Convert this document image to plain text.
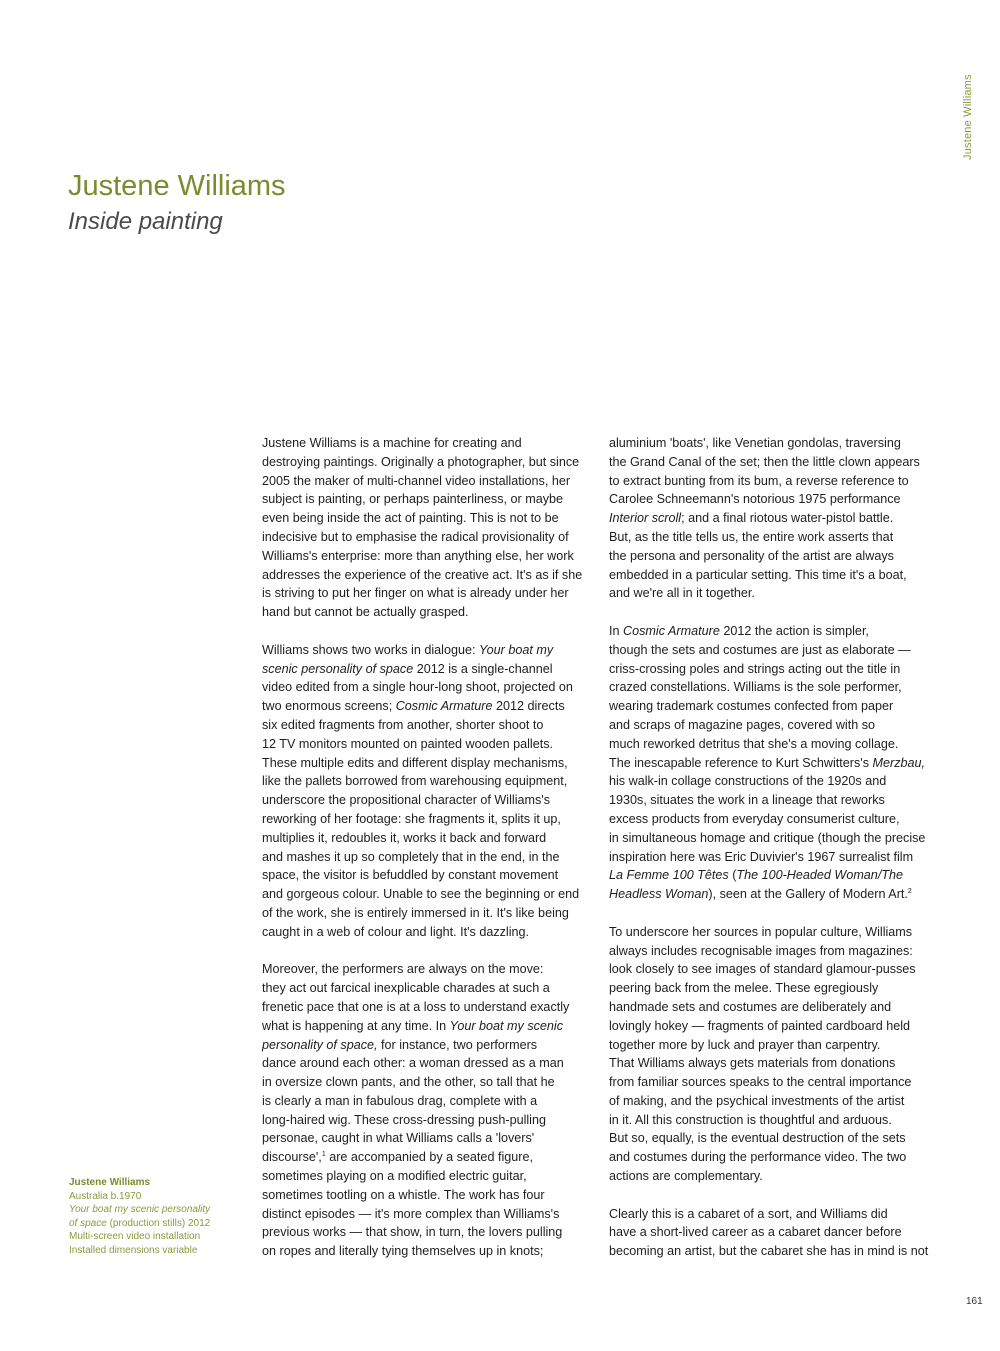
Justene Williams
Justene Williams
Inside painting

Justene Williams is a machine for creating and
destroying paintings. Originally a photographer, but since
2005 the maker of multi-channel video installations, her
subject is painting, or perhaps painterliness, or maybe
even being inside the act of painting. This is not to be
indecisive but to emphasise the radical provisionality of
Williams's enterprise: more than anything else, her work
addresses the experience of the creative act. It's as if she
is striving to put her finger on what is already under her
hand but cannot be actually grasped.

Williams shows two works in dialogue: Your boat my
scenic personality of space 2012 is a single-channel
video edited from a single hour-long shoot, projected on
two enormous screens; Cosmic Armature 2012 directs
six edited fragments from another, shorter shoot to
12 TV monitors mounted on painted wooden pallets.
These multiple edits and different display mechanisms,
like the pallets borrowed from warehousing equipment,
underscore the propositional character of Williams's
reworking of her footage: she fragments it, splits it up,
multiplies it, redoubles it, works it back and forward
and mashes it up so completely that in the end, in the
space, the visitor is befuddled by constant movement
and gorgeous colour. Unable to see the beginning or end
of the work, she is entirely immersed in it. It's like being
caught in a web of colour and light. It's dazzling.

Moreover, the performers are always on the move:
they act out farcical inexplicable charades at such a
frenetic pace that one is at a loss to understand exactly
what is happening at any time. In Your boat my scenic
personality of space, for instance, two performers
dance around each other: a woman dressed as a man
in oversize clown pants, and the other, so tall that he
is clearly a man in fabulous drag, complete with a
long-haired wig. These cross-dressing push-pulling
personae, caught in what Williams calls a 'lovers'
discourse',$^1$ are accompanied by a seated figure,
sometimes playing on a modified electric guitar,
sometimes tootling on a whistle. The work has four
distinct episodes — it's more complex than Williams's
previous works — that show, in turn, the lovers pulling
on ropes and literally tying themselves up in knots;

aluminium 'boats', like Venetian gondolas, traversing
the Grand Canal of the set; then the little clown appears
to extract bunting from its bum, a reverse reference to
Carolee Schneemann's notorious 1975 performance
Interior scroll; and a final riotous water-pistol battle.
But, as the title tells us, the entire work asserts that
the persona and personality of the artist are always
embedded in a particular setting. This time it's a boat,
and we're all in it together.

In Cosmic Armature 2012 the action is simpler,
though the sets and costumes are just as elaborate —
criss-crossing poles and strings acting out the title in
crazed constellations. Williams is the sole performer,
wearing trademark costumes confected from paper
and scraps of magazine pages, covered with so
much reworked detritus that she's a moving collage.
The inescapable reference to Kurt Schwitters's Merzbau,
his walk-in collage constructions of the 1920s and
1930s, situates the work in a lineage that reworks
excess products from everyday consumerist culture,
in simultaneous homage and critique (though the precise
inspiration here was Eric Duvivier's 1967 surrealist film
La Femme 100 Têtes (The 100-Headed Woman/The
Headless Woman), seen at the Gallery of Modern Art.$^2$

To underscore her sources in popular culture, Williams
always includes recognisable images from magazines:
look closely to see images of standard glamour-pusses
peering back from the melee. These egregiously
handmade sets and costumes are deliberately and
lovingly hokey — fragments of painted cardboard held
together more by luck and prayer than carpentry.
That Williams always gets materials from donations
from familiar sources speaks to the central importance
of making, and the psychical investments of the artist
in it. All this construction is thoughtful and arduous.
But so, equally, is the eventual destruction of the sets
and costumes during the performance video. The two
actions are complementary.

Clearly this is a cabaret of a sort, and Williams did
have a short-lived career as a cabaret dancer before
becoming an artist, but the cabaret she has in mind is not

Justene Williams
Australia b.1970
Your boat my scenic personality
of space (production stills) 2012
Multi-screen video installation
Installed dimensions variable
161
